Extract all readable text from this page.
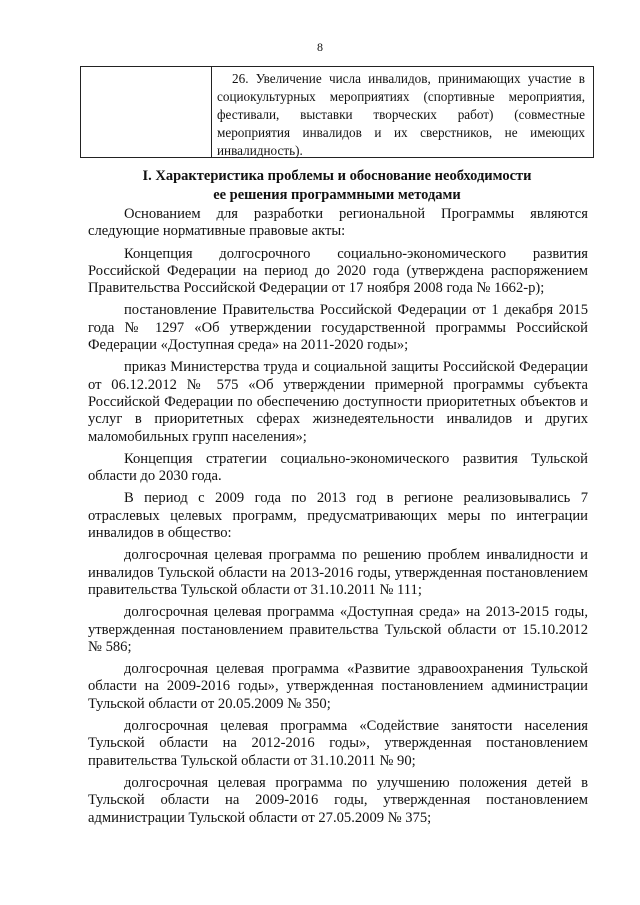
8
26. Увеличение числа инвалидов, принимающих участие в социокультурных мероприятиях (спортивные мероприятия, фестивали, выставки творческих работ) (совместные мероприятия инвалидов и их сверстников, не имеющих инвалидность).
I. Характеристика проблемы и обоснование необходимости
ее решения программными методами

Основанием для разработки региональной Программы являются следующие нормативные правовые акты:

Концепция долгосрочного социально-экономического развития Российской Федерации на период до 2020 года (утверждена распоряжением Правительства Российской Федерации от 17 ноября 2008 года № 1662-р);

постановление Правительства Российской Федерации от 1 декабря 2015 года № 1297 «Об утверждении государственной программы Российской Федерации «Доступная среда» на 2011-2020 годы»;

приказ Министерства труда и социальной защиты Российской Федерации от 06.12.2012 № 575 «Об утверждении примерной программы субъекта Российской Федерации по обеспечению доступности приоритетных объектов и услуг в приоритетных сферах жизнедеятельности инвалидов и других маломобильных групп населения»;

Концепция стратегии социально-экономического развития Тульской области до 2030 года.

В период с 2009 года по 2013 год в регионе реализовывались 7 отраслевых целевых программ, предусматривающих меры по интеграции инвалидов в общество:

долгосрочная целевая программа по решению проблем инвалидности и инвалидов Тульской области на 2013-2016 годы, утвержденная постановлением правительства Тульской области от 31.10.2011 № 111;

долгосрочная целевая программа «Доступная среда» на 2013-2015 годы, утвержденная постановлением правительства Тульской области от 15.10.2012 № 586;

долгосрочная целевая программа «Развитие здравоохранения Тульской области на 2009-2016 годы», утвержденная постановлением администрации Тульской области от 20.05.2009 № 350;

долгосрочная целевая программа «Содействие занятости населения Тульской области на 2012-2016 годы», утвержденная постановлением правительства Тульской области от 31.10.2011 № 90;

долгосрочная целевая программа по улучшению положения детей в Тульской области на 2009-2016 годы, утвержденная постановлением администрации Тульской области от 27.05.2009 № 375;
